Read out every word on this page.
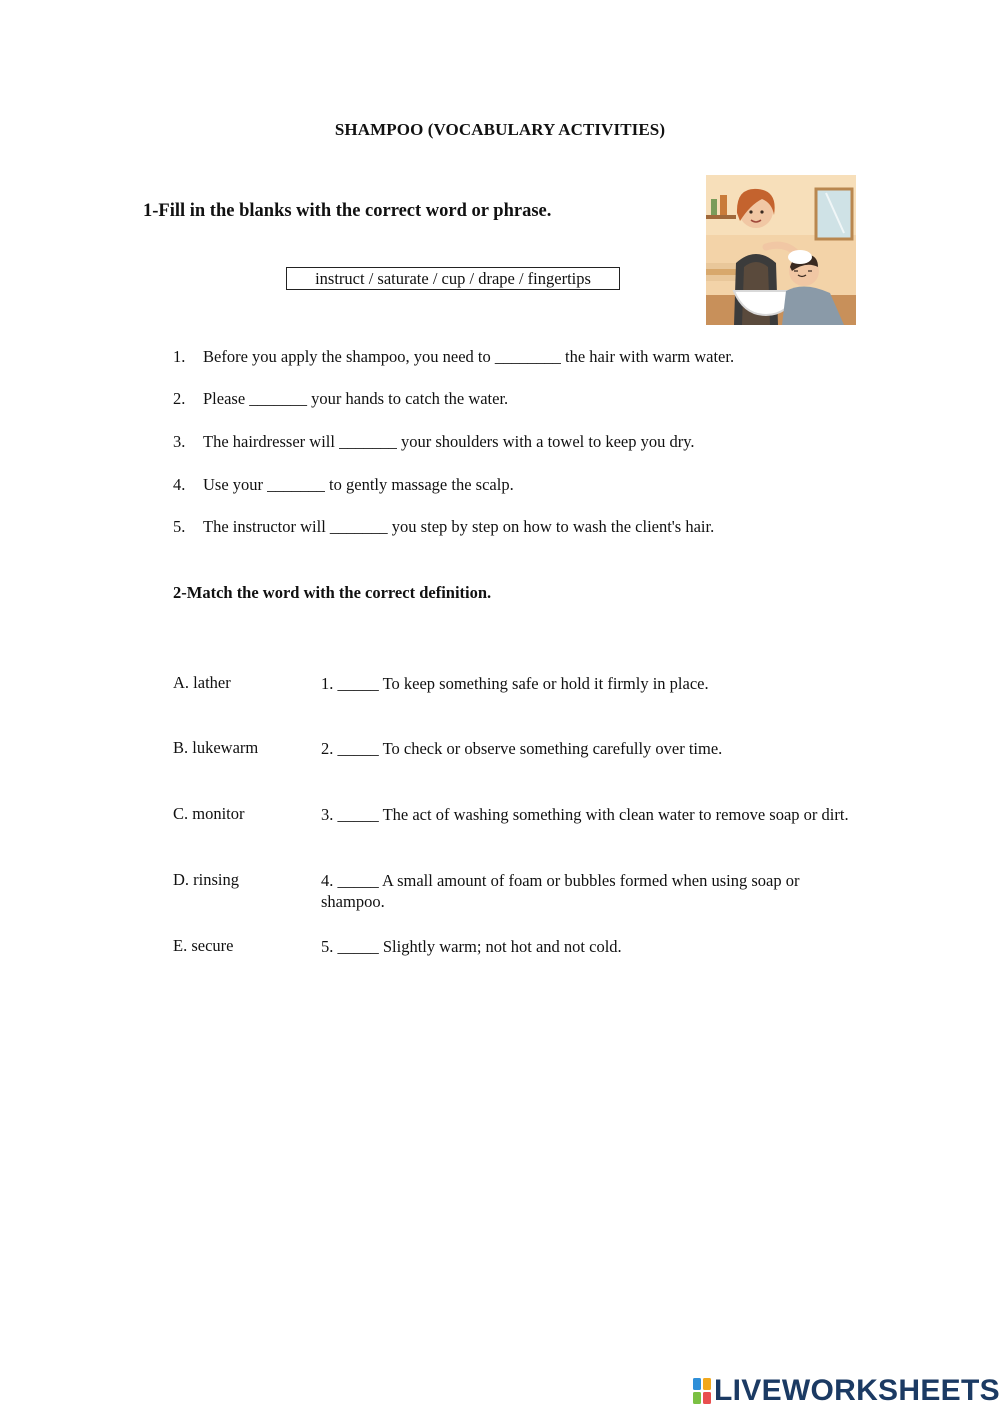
SHAMPOO (VOCABULARY ACTIVITIES)
1-Fill in the blanks with the correct word or phrase.
instruct / saturate / cup / drape / fingertips
1. Before you apply the shampoo, you need to ________ the hair with warm water.
2. Please _______ your hands to catch the water.
3. The hairdresser will _______ your shoulders with a towel to keep you dry.
4. Use your _______ to gently massage the scalp.
5. The instructor will _______ you step by step on how to wash the client's hair.
2-Match the word with the correct definition.
A. lather	1. _____ To keep something safe or hold it firmly in place.
B. lukewarm	2. _____ To check or observe something carefully over time.
C. monitor	3. _____ The act of washing something with clean water to remove soap or dirt.
D. rinsing	4. _____ A small amount of foam or bubbles formed when using soap or shampoo.
E. secure	5. _____ Slightly warm; not hot and not cold.
LIVEWORKSHEETS
